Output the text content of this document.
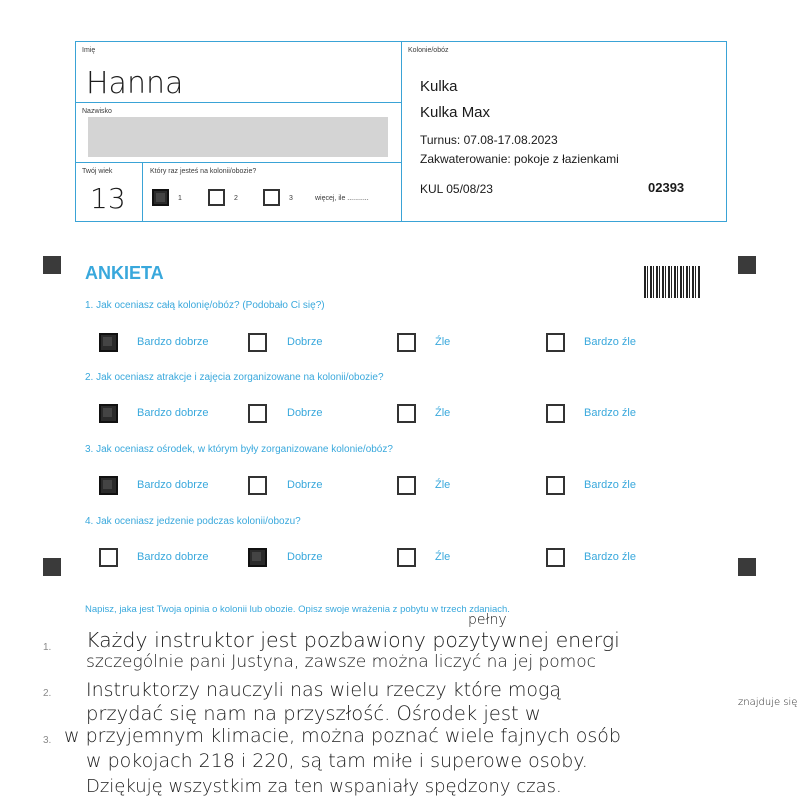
Imię
Hanna
Nazwisko
Twój wiek
13
Który raz jesteś na kolonii/obozie?
1	2	3	więcej, ile ...........
Kolonie/obóz
Kulka
Kulka Max
Turnus: 07.08-17.08.2023
Zakwaterowanie: pokoje z łazienkami
KUL 05/08/23	02393
ANKIETA
1. Jak oceniasz całą kolonię/obóz? (Podobało Ci się?)
Bardzo dobrze	Dobrze	Źle	Bardzo źle
2. Jak oceniasz atrakcje i zajęcia zorganizowane na kolonii/obozie?
Bardzo dobrze	Dobrze	Źle	Bardzo źle
3. Jak oceniasz ośrodek, w którym były zorganizowane kolonie/obóz?
Bardzo dobrze	Dobrze	Źle	Bardzo źle
4. Jak oceniasz jedzenie podczas kolonii/obozu?
Bardzo dobrze	Dobrze	Źle	Bardzo źle
Napisz, jaka jest Twoja opinia o kolonii lub obozie. Opisz swoje wrażenia z pobytu w trzech zdaniach.
1.
2.
3.
pełny
Każdy instruktor jest pozbawiony pozytywnej energi
szczególnie pani Justyna, zawsze można liczyć na jej pomoc
Instruktorzy nauczyli nas wielu rzeczy które mogą
przydać się nam na przyszłość. Ośrodek jest w	znajduje się
w przyjemnym klimacie, można poznać wiele fajnych osób
w pokojach 218 i 220, są tam miłe i superowe osoby.
Dziękuję wszystkim za ten wspaniały spędzony czas.
